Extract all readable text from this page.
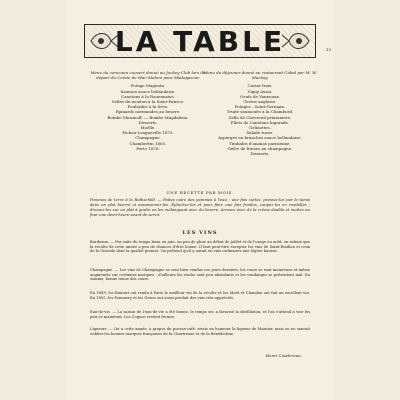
LA TABLE	13
Menu du concours couvert donné au Jockey-Club lors du départ du Comte de Mac-Mahon pour Madagascar.
Potage Magenta.
Saumon sauce hollandaise.
Canetons à la Rouennaise.
Selles de mouton à la Saint-Patrice.
Poulardes à la Sévo.
Epinards normandes au beurre.
Bombe Miramoff. — Bombe Magdalena.
Desserts.
Moëlle.
Pichon-Longueville 1875.
Champagne.
Chambertin 1865.
Porto 1876.
Menu du déjeuner donné au restaurant Cabal par M. W. Mackay.
Caviar frais.
Vigny Assai.
Oeufs de Vanneaux.
Tortue anglaise.
Potages : Saint-Germain.
Truite saumonée à la Chambord.
Selle de Chevreuil printanière.
Filets de Canetons bigarade.
Gelinottes.
Salade russe.
Asperges en branches sauce hollandaise.
Timbales d'ananas parisienne.
Gelée de fraises au champagne.
Desserts.
UNE RECETTE PAR MOIS.
Pommes de terre à la Rothschild. — Faites cuire des pommes à l'eau ; une fois cuites, pressez-les par le tamis dans un plat beurré et assaisonnez-les. Épluchez-les et pour finir, une fois froides, coupez-les en rondelles ; dressez-les sur un plat à gratin en les mélangeant avec du beurre. Arrosez avec de la crème double et mettez au four une demi-heure avant de servir.
LES VINS
Bordeaux. — Par suite du temps beau en juin, un peu de pluie au début de juillet et de l'orage en août, on estime que la récolte de cette année a peu de chances d'être bonne. Il faut peut-être excepter les vins de Saint-Emilion et ceux de la Gironde dont la qualité promet. On prétend qu'il y aurait en vins ordinaires une légère hausse.
Champagne. — Les vins de Champagne se sont bien vendus ces jours derniers, les cours se sont maintenus et même augmentés sur certaines marques ; d'ailleurs les stocks sont peu abondants et les vendanges se présentent mal. En somme, bonne tenue des cours.
En 1889, les Ruinart ont rendu à Paris le meilleur vin de la récolte et les Moët et Chandon ont fait un excellent vin. En 1895, les Pommery et les Greno ont aussi produit des vins très appréciés.
Eau-de-vie. — La saison de l'eau-de-vie a été bonne, le temps sec a favorisé la distillation, et l'on s'attend à voir les prix se maintenir. Les Cognac restent fermes.
Liqueurs. — On a cette année, à propos du pousse-café, remis en honneur la liqueur de Marnier, mais on ne saurait oublier les bonnes marques françaises de la Chartreuse et de la Bénédictine.
Henri Coudereau.
